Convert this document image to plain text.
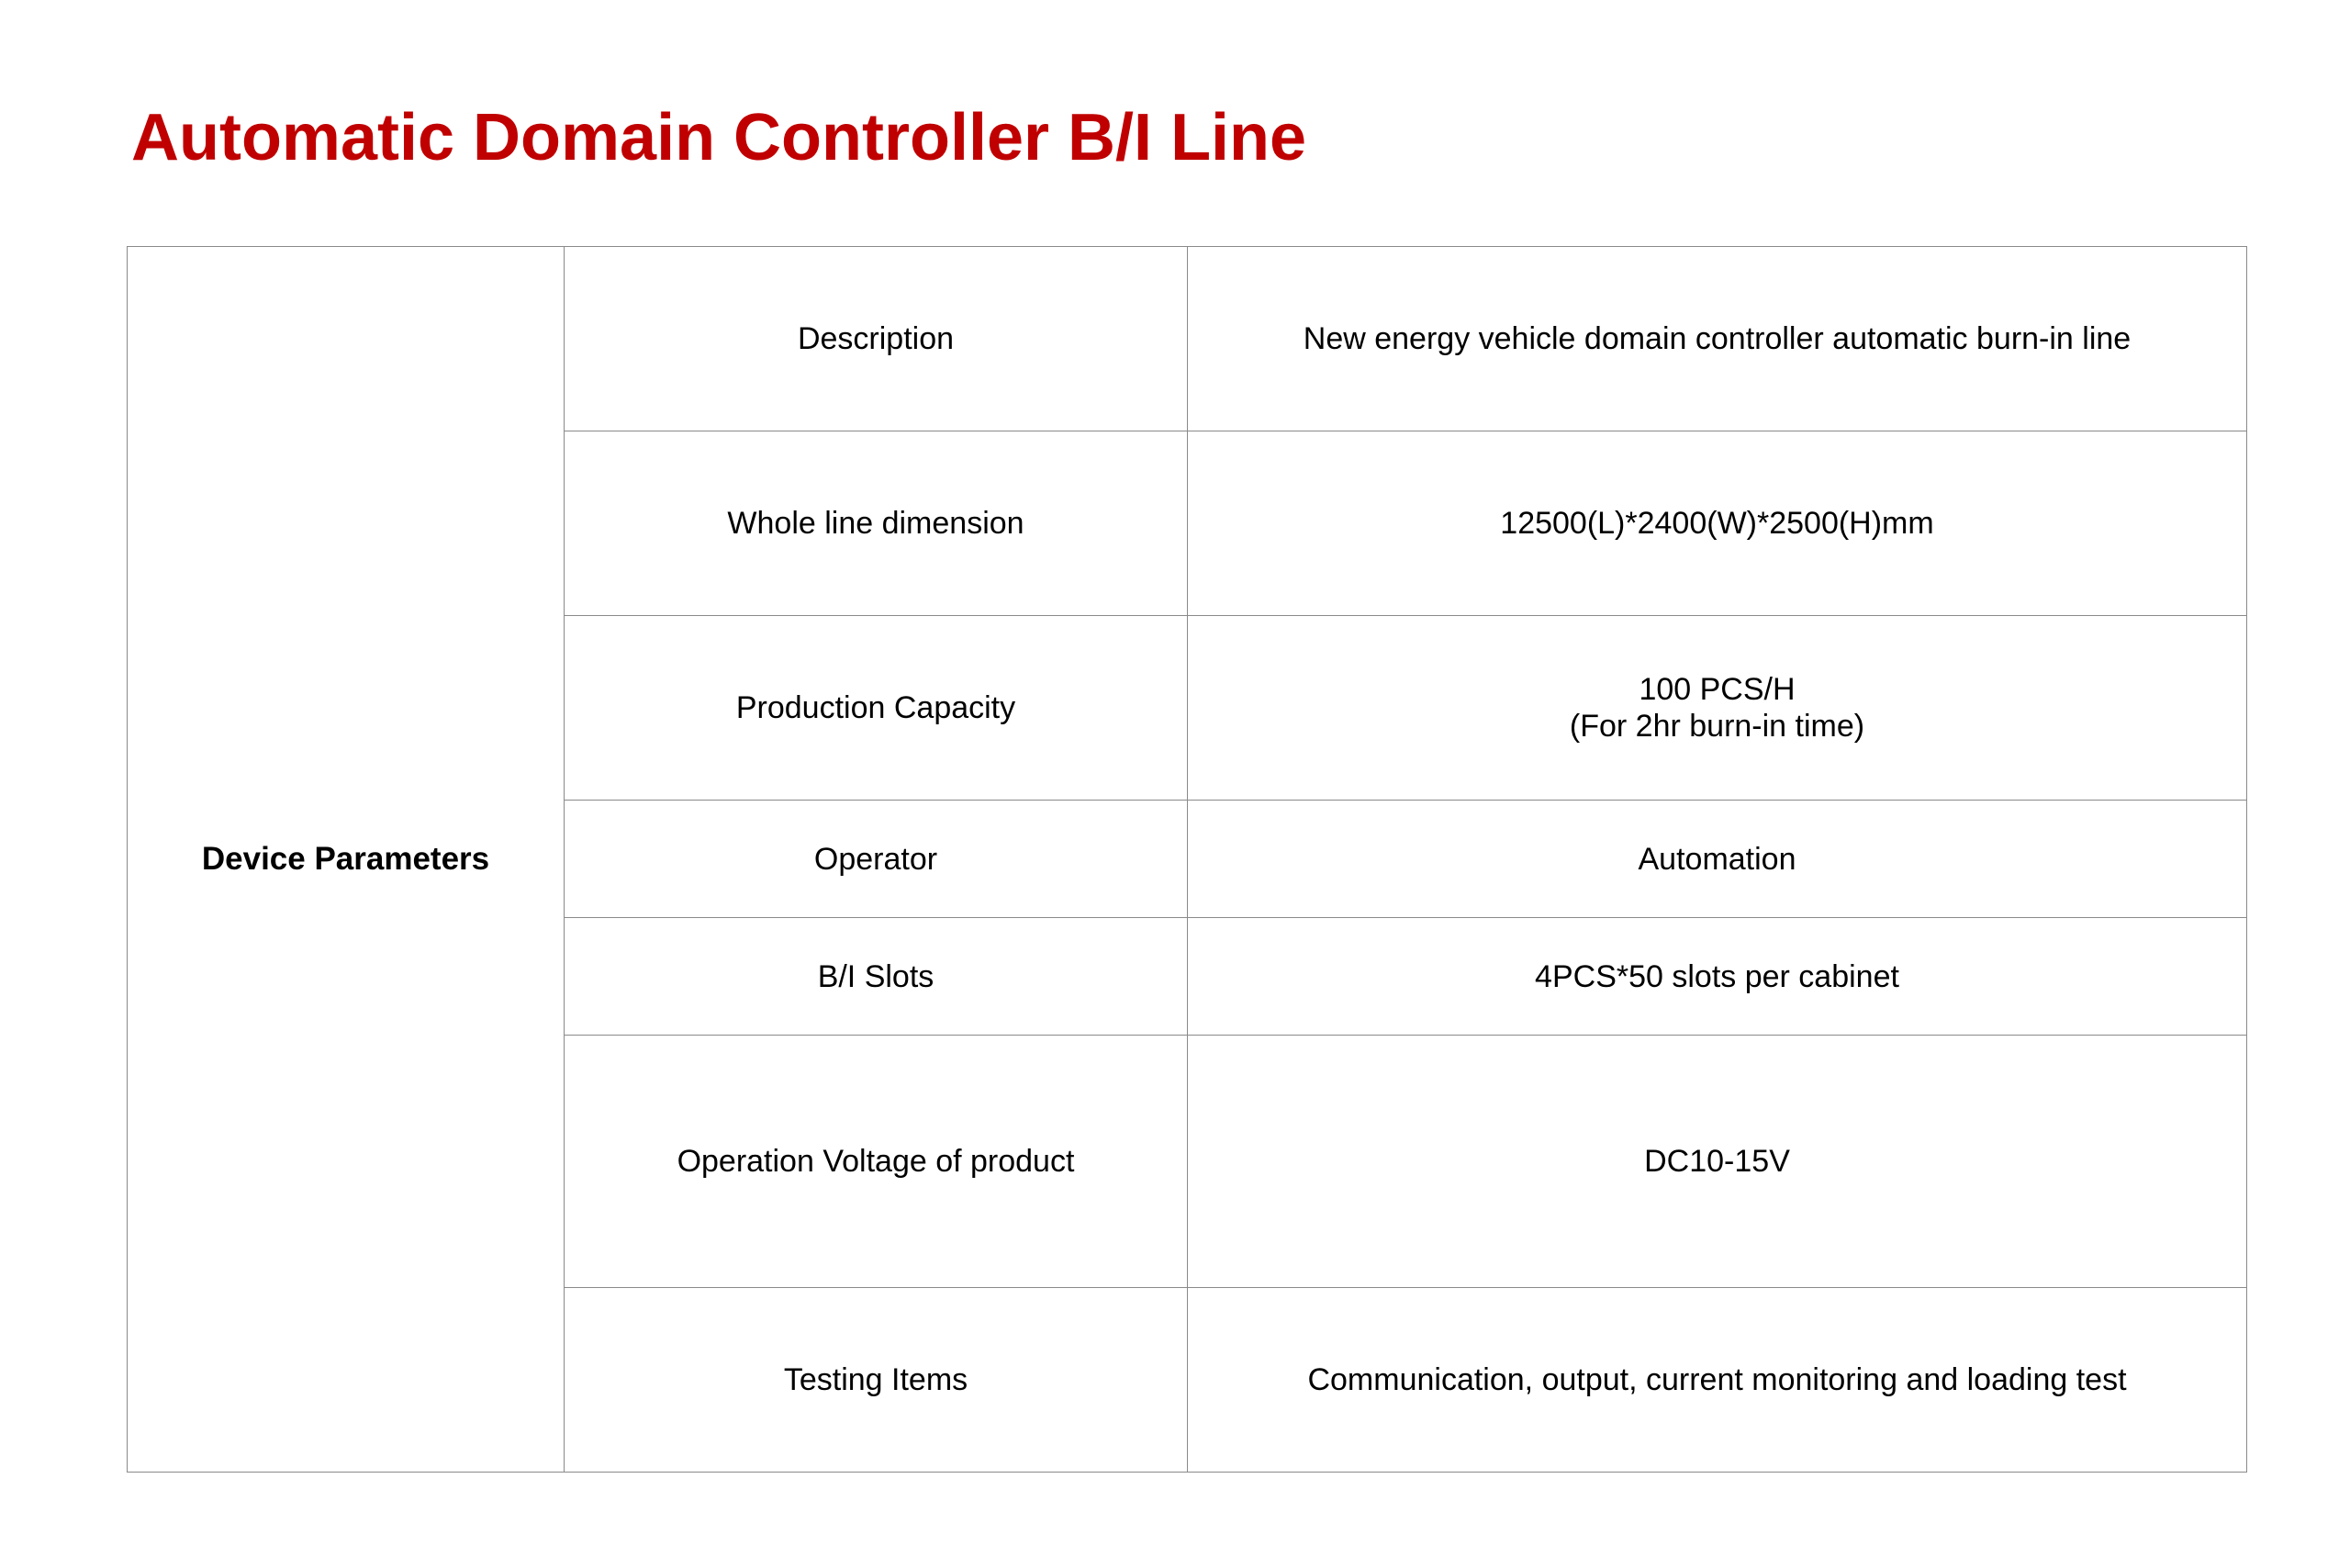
Automatic Domain Controller B/I Line
Device Parameters	Description	New energy vehicle domain controller automatic burn-in line

	Whole line dimension	12500(L)*2400(W)*2500(H)mm

	Production Capacity	100 PCS/H
(For 2hr burn-in time)

	Operator	Automation

	B/I Slots	4PCS*50 slots per cabinet

	Operation Voltage of product	DC10-15V

	Testing Items	Communication, output, current monitoring and loading test
